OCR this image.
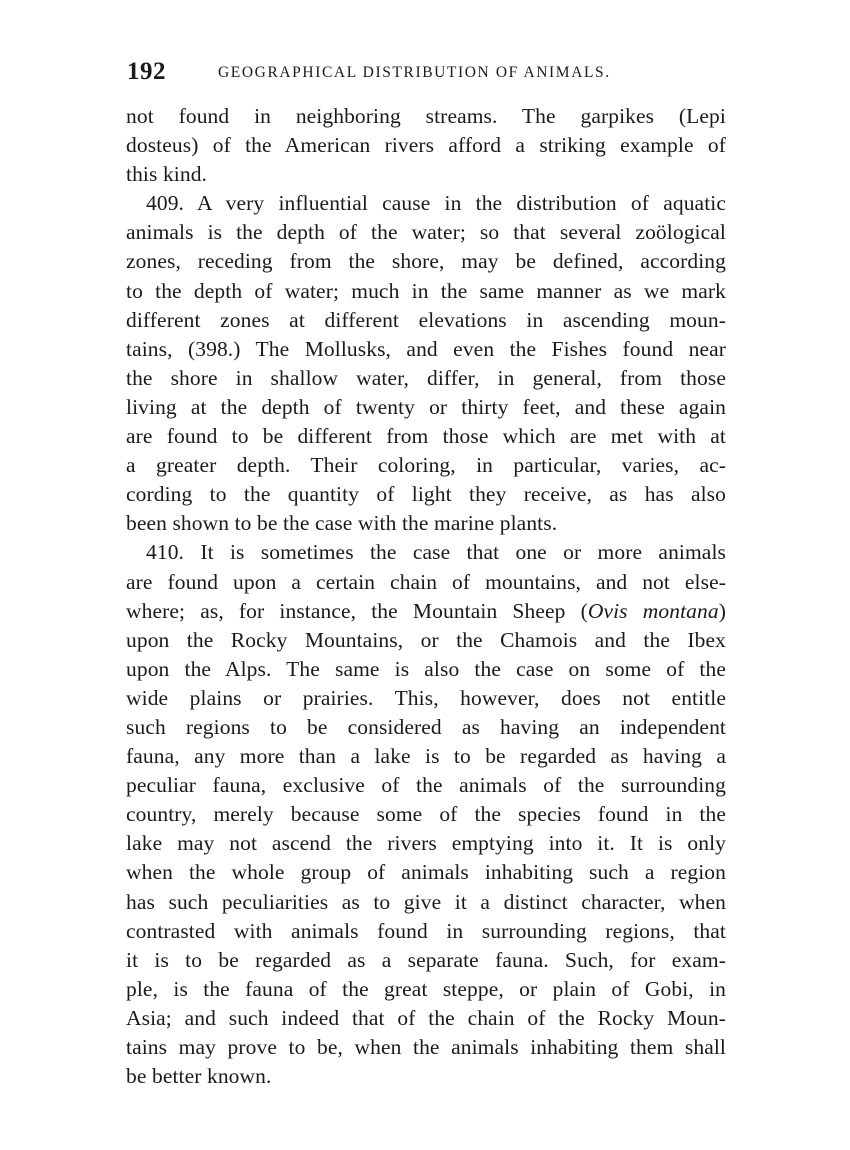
192	GEOGRAPHICAL DISTRIBUTION OF ANIMALS.
not found in neighboring streams. The garpikes (Lepi
dosteus) of the American rivers afford a striking example of
this kind.
409. A very influential cause in the distribution of aquatic
animals is the depth of the water; so that several zoölogical
zones, receding from the shore, may be defined, according
to the depth of water; much in the same manner as we mark
different zones at different elevations in ascending moun-
tains, (398.) The Mollusks, and even the Fishes found near
the shore in shallow water, differ, in general, from those
living at the depth of twenty or thirty feet, and these again
are found to be different from those which are met with at
a greater depth. Their coloring, in particular, varies, ac-
cording to the quantity of light they receive, as has also
been shown to be the case with the marine plants.
410. It is sometimes the case that one or more animals
are found upon a certain chain of mountains, and not else-
where; as, for instance, the Mountain Sheep (Ovis montana)
upon the Rocky Mountains, or the Chamois and the Ibex
upon the Alps. The same is also the case on some of the
wide plains or prairies. This, however, does not entitle
such regions to be considered as having an independent
fauna, any more than a lake is to be regarded as having a
peculiar fauna, exclusive of the animals of the surrounding
country, merely because some of the species found in the
lake may not ascend the rivers emptying into it. It is only
when the whole group of animals inhabiting such a region
has such peculiarities as to give it a distinct character, when
contrasted with animals found in surrounding regions, that
it is to be regarded as a separate fauna. Such, for exam-
ple, is the fauna of the great steppe, or plain of Gobi, in
Asia; and such indeed that of the chain of the Rocky Moun-
tains may prove to be, when the animals inhabiting them shall
be better known.
